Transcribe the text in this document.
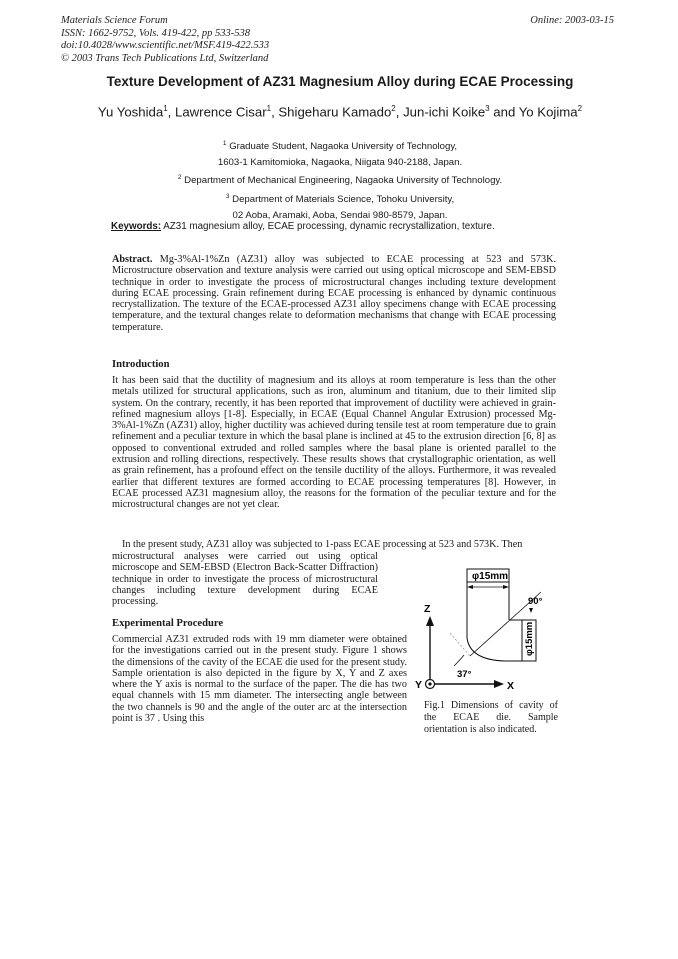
Materials Science Forum
ISSN: 1662-9752, Vols. 419-422, pp 533-538
doi:10.4028/www.scientific.net/MSF.419-422.533
© 2003 Trans Tech Publications Ltd, Switzerland
Online: 2003-03-15
Texture Development of AZ31 Magnesium Alloy during ECAE Processing
Yu Yoshida$^1$, Lawrence Cisar$^1$, Shigeharu Kamado$^2$, Jun-ichi Koike$^3$ and Yo Kojima$^2$
$^1$ Graduate Student, Nagaoka University of Technology,
1603-1 Kamitomioka, Nagaoka, Niigata 940-2188, Japan.
$^2$ Department of Mechanical Engineering, Nagaoka University of Technology.
$^3$ Department of Materials Science, Tohoku University,
02 Aoba, Aramaki, Aoba, Sendai 980-8579, Japan.
Keywords: AZ31 magnesium alloy, ECAE processing, dynamic recrystallization, texture.
Abstract. Mg-3%Al-1%Zn (AZ31) alloy was subjected to ECAE processing at 523 and 573K. Microstructure observation and texture analysis were carried out using optical microscope and SEM-EBSD technique in order to investigate the process of microstructural changes including texture development during ECAE processing. Grain refinement during ECAE processing is enhanced by dynamic continuous recrystallization. The texture of the ECAE-processed AZ31 alloy specimens change with ECAE processing temperature, and the textural changes relate to deformation mechanisms that change with ECAE processing temperature.
Introduction
It has been said that the ductility of magnesium and its alloys at room temperature is less than the other metals utilized for structural applications, such as iron, aluminum and titanium, due to their limited slip system. On the contrary, recently, it has been reported that improvement of ductility were achieved in grain-refined magnesium alloys [1-8]. Especially, in ECAE (Equal Channel Angular Extrusion) processed Mg-3%Al-1%Zn (AZ31) alloy, higher ductility was achieved during tensile test at room temperature due to grain refinement and a peculiar texture in which the basal plane is inclined at 45 to the extrusion direction [6, 8] as opposed to conventional extruded and rolled samples where the basal plane is oriented parallel to the extrusion and rolling directions, respectively. These results shows that crystallographic orientation, as well as grain refinement, has a profound effect on the tensile ductility of the alloys. Furthermore, it was revealed earlier that different textures are formed according to ECAE processing temperatures [8]. However, in ECAE processed AZ31 magnesium alloy, the reasons for the formation of the peculiar texture and for the microstructural changes are not yet clear.
In the present study, AZ31 alloy was subjected to 1-pass ECAE processing at 523 and 573K. Then
microstructural analyses were carried out using optical microscope and SEM-EBSD (Electron Back-Scatter Diffraction) technique in order to investigate the process of microstructural changes including texture development during ECAE processing.
Experimental Procedure
Commercial AZ31 extruded rods with 19 mm diameter were obtained for the investigations carried out in the present study. Figure 1 shows the dimensions of the cavity of the ECAE die used for the present study. Sample orientation is also depicted in the figure by X, Y and Z axes where the Y axis is normal to the surface of the paper. The die has two equal channels with 15 mm diameter. The intersecting angle between the two channels is 90 and the angle of the outer arc at the intersection point is 37 . Using this
φ15mm
φ15mm
90°
37°
Z
X
Y
Fig.1 Dimensions of cavity of the ECAE die. Sample orientation is also indicated.
